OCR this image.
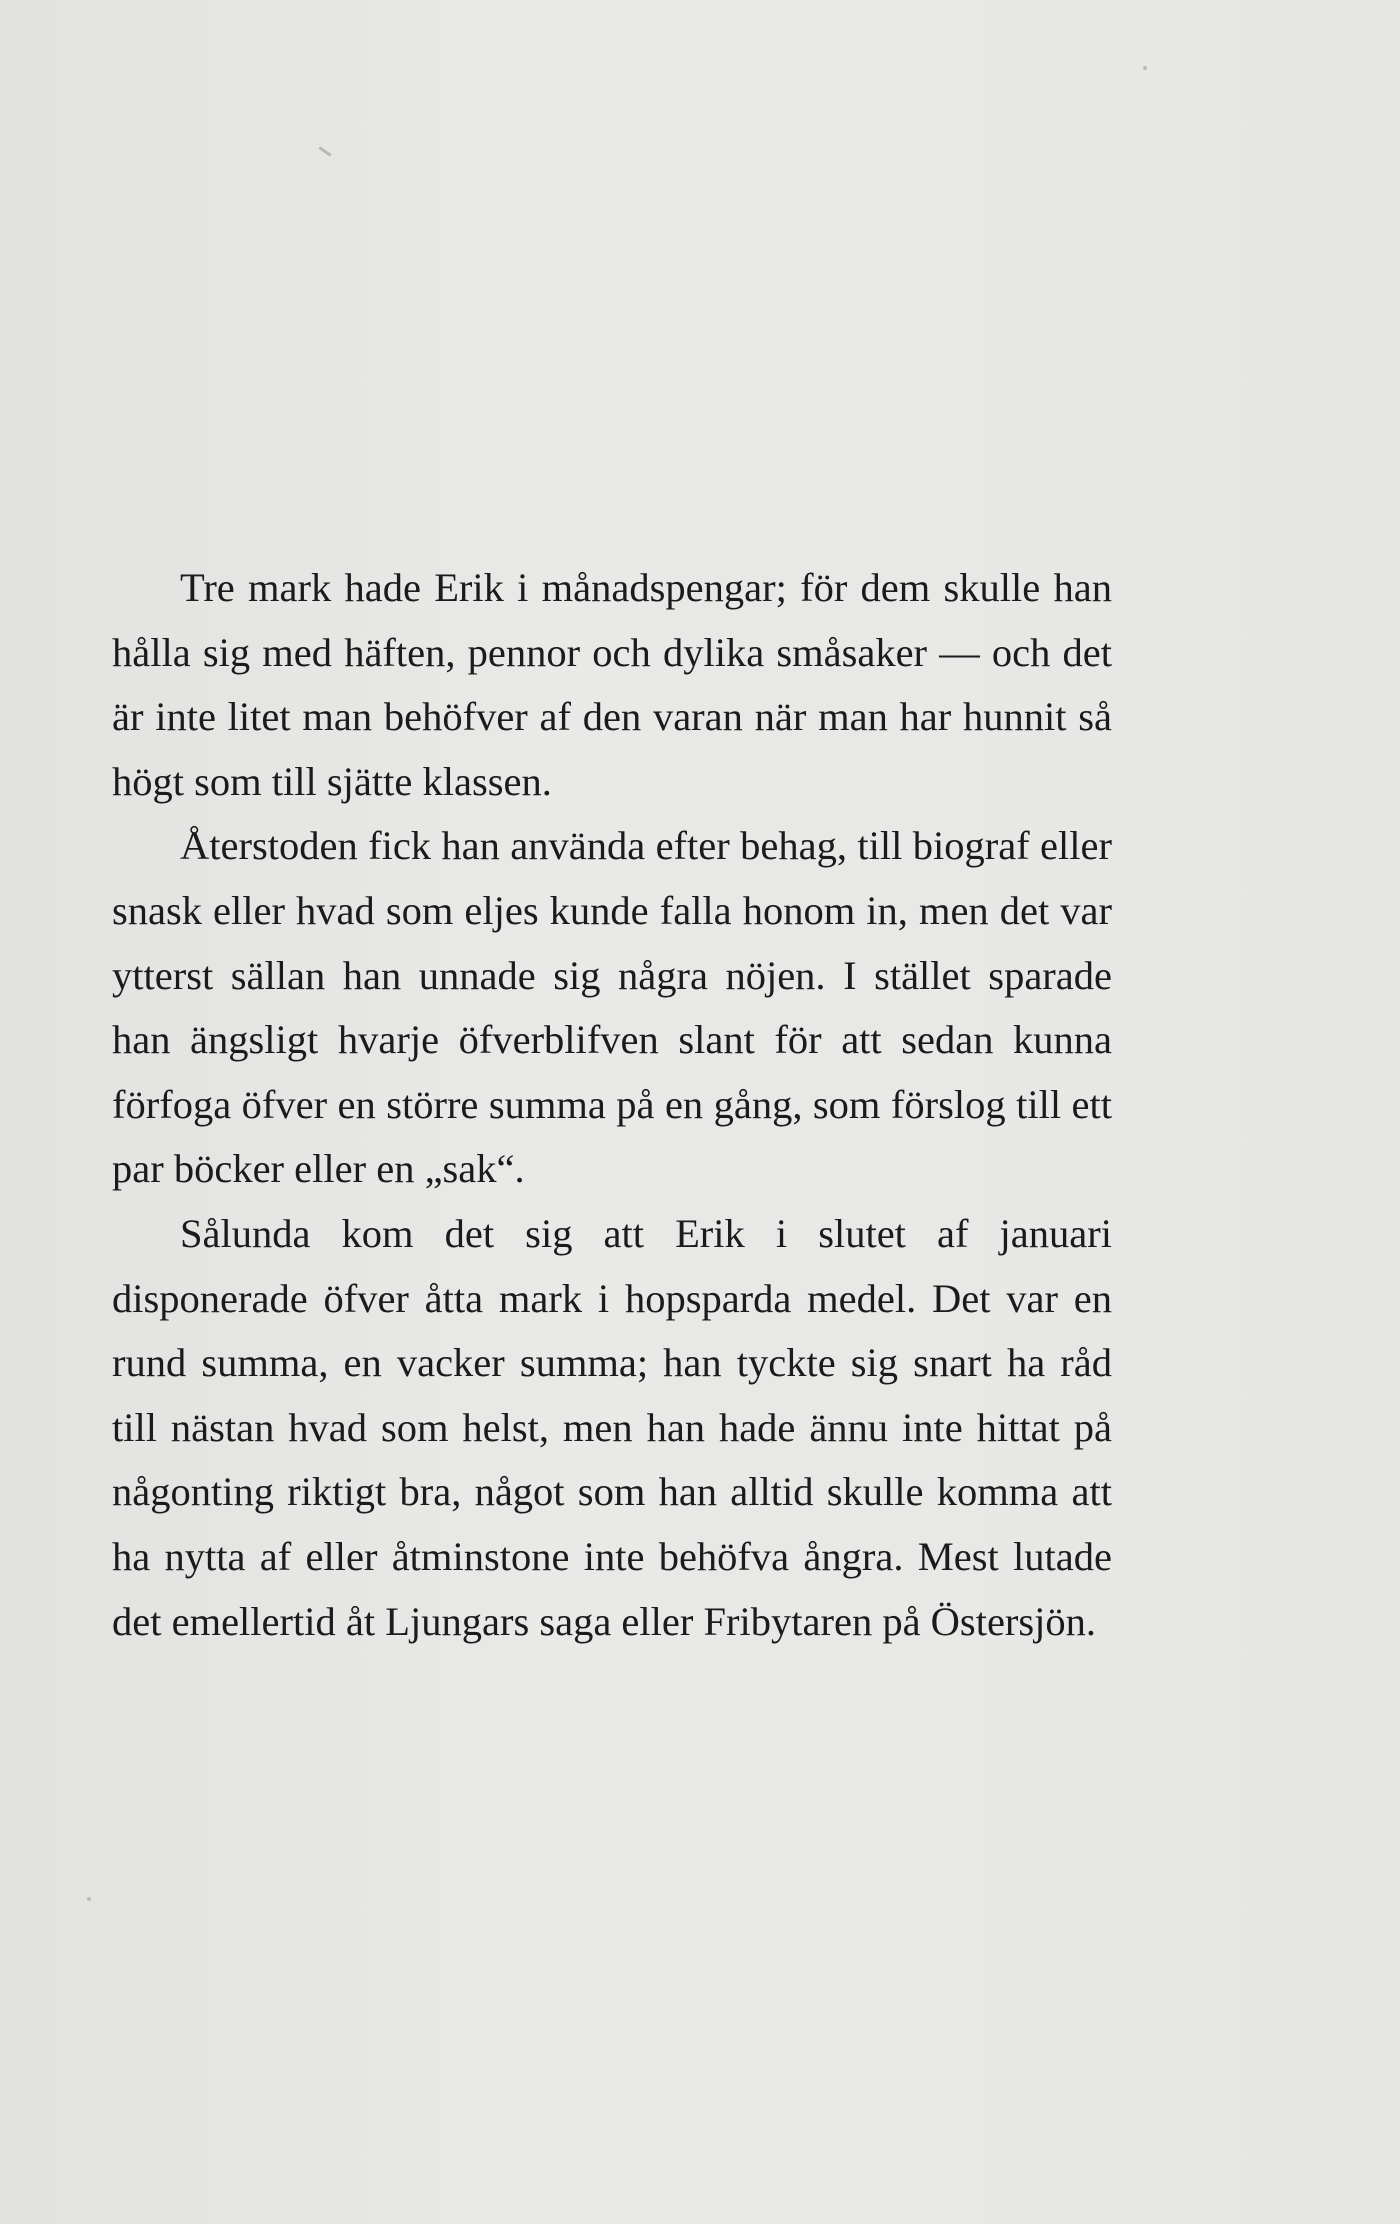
Tre mark hade Erik i månadspengar; för dem skulle han hålla sig med häften, pennor och dylika småsaker — och det är inte litet man behöfver af den varan när man har hunnit så högt som till sjätte klassen.

Återstoden fick han använda efter behag, till biograf eller snask eller hvad som eljes kunde falla honom in, men det var ytterst sällan han unnade sig några nöjen. I stället sparade han ängsligt hvarje öfverblifven slant för att sedan kunna förfoga öfver en större summa på en gång, som förslog till ett par böcker eller en „sak“.

Sålunda kom det sig att Erik i slutet af januari disponerade öfver åtta mark i hopsparda medel. Det var en rund summa, en vacker summa; han tyckte sig snart ha råd till nästan hvad som helst, men han hade ännu inte hittat på någonting riktigt bra, något som han alltid skulle komma att ha nytta af eller åtminstone inte behöfva ångra. Mest lutade det emellertid åt Ljungars saga eller Fribytaren på Östersjön.
